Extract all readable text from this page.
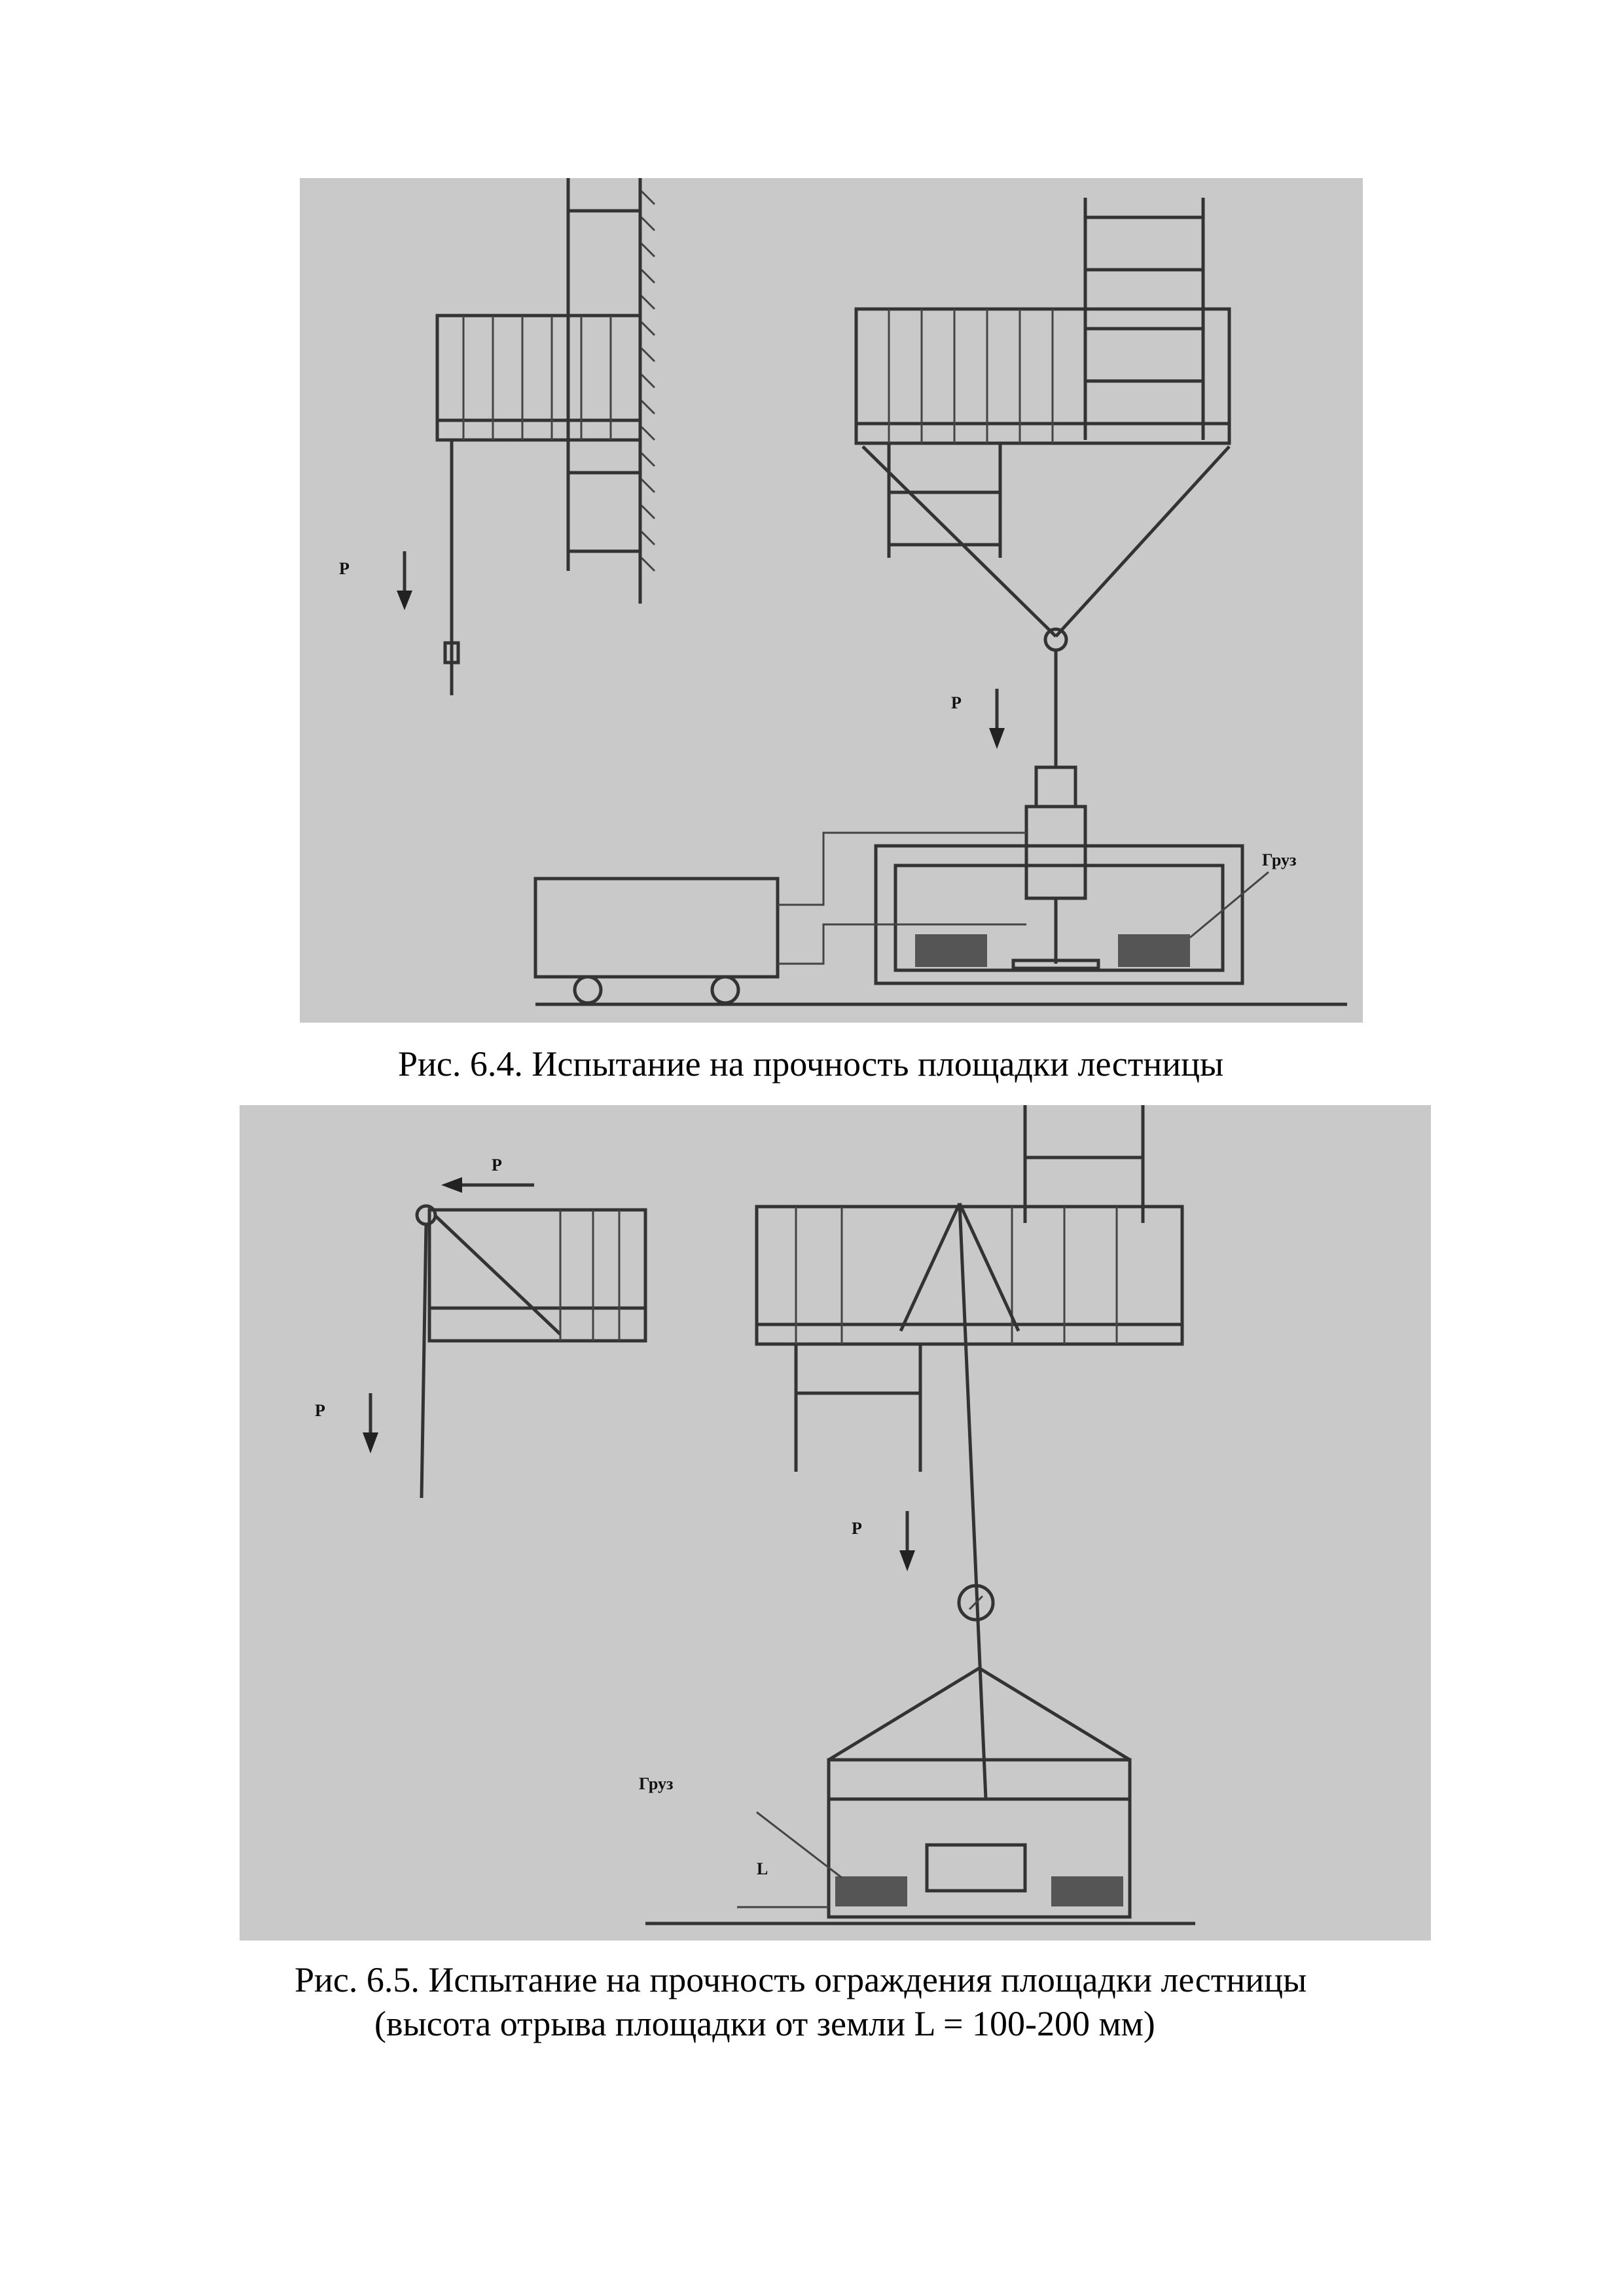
P
P
Груз
Рис. 6.4. Испытание на прочность площадки лестницы
P
P
P
Груз
L
Рис. 6.5. Испытание на прочность ограждения площадки лестницы
(высота отрыва площадки от земли L = 100-200 мм)
